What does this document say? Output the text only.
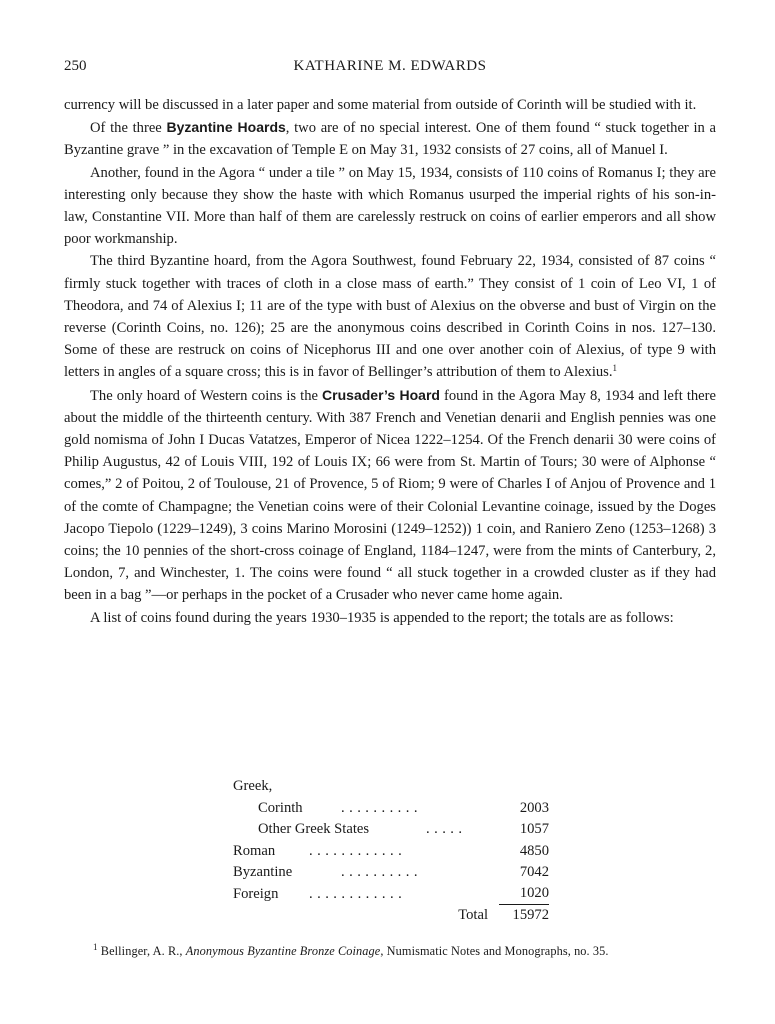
250	KATHARINE M. EDWARDS

currency will be discussed in a later paper and some material from outside of Corinth will be studied with it.

Of the three Byzantine Hoards, two are of no special interest. One of them found “ stuck together in a Byzantine grave ” in the excavation of Temple E on May 31, 1932 consists of 27 coins, all of Manuel I.

Another, found in the Agora “ under a tile ” on May 15, 1934, consists of 110 coins of Romanus I; they are interesting only because they show the haste with which Romanus usurped the imperial rights of his son-in-law, Constantine VII. More than half of them are carelessly restruck on coins of earlier emperors and all show poor workmanship.

The third Byzantine hoard, from the Agora Southwest, found February 22, 1934, consisted of 87 coins “ firmly stuck together with traces of cloth in a close mass of earth.” They consist of 1 coin of Leo VI, 1 of Theodora, and 74 of Alexius I; 11 are of the type with bust of Alexius on the obverse and bust of Virgin on the reverse (Corinth Coins, no. 126); 25 are the anonymous coins described in Corinth Coins in nos. 127–130. Some of these are restruck on coins of Nicephorus III and one over another coin of Alexius, of type 9 with letters in angles of a square cross; this is in favor of Bellinger’s attribution of them to Alexius.$^1$

The only hoard of Western coins is the Crusader’s Hoard found in the Agora May 8, 1934 and left there about the middle of the thirteenth century. With 387 French and Venetian denarii and English pennies was one gold nomisma of John I Ducas Vatatzes, Emperor of Nicea 1222–1254. Of the French denarii 30 were coins of Philip Augustus, 42 of Louis VIII, 192 of Louis IX; 66 were from St. Martin of Tours; 30 were of Alphonse “ comes,” 2 of Poitou, 2 of Toulouse, 21 of Provence, 5 of Riom; 9 were of Charles I of Anjou of Provence and 1 of the comte of Champagne; the Venetian coins were of their Colonial Levantine coinage, issued by the Doges Jacopo Tiepolo (1229–1249), 3 coins Marino Morosini (1249–1252)) 1 coin, and Raniero Zeno (1253–1268) 3 coins; the 10 pennies of the short-cross coinage of England, 1184–1247, were from the mints of Canterbury, 2, London, 7, and Winchester, 1. The coins were found “ all stuck together in a crowded cluster as if they had been in a bag ”—or perhaps in the pocket of a Crusader who never came home again.

A list of coins found during the years 1930–1935 is appended to the report; the totals are as follows:

Greek,
Corinth	. . . . . . . . . .	2003
Other Greek States	. . . . .	1057
Roman . . . . . . . . . . . .	4850
Byzantine	. . . . . . . . . .	7042
Foreign . . . . . . . . . . . .	1020
Total	15972
$^1$ Bellinger, A. R., Anonymous Byzantine Bronze Coinage, Numismatic Notes and Monographs, no. 35.
